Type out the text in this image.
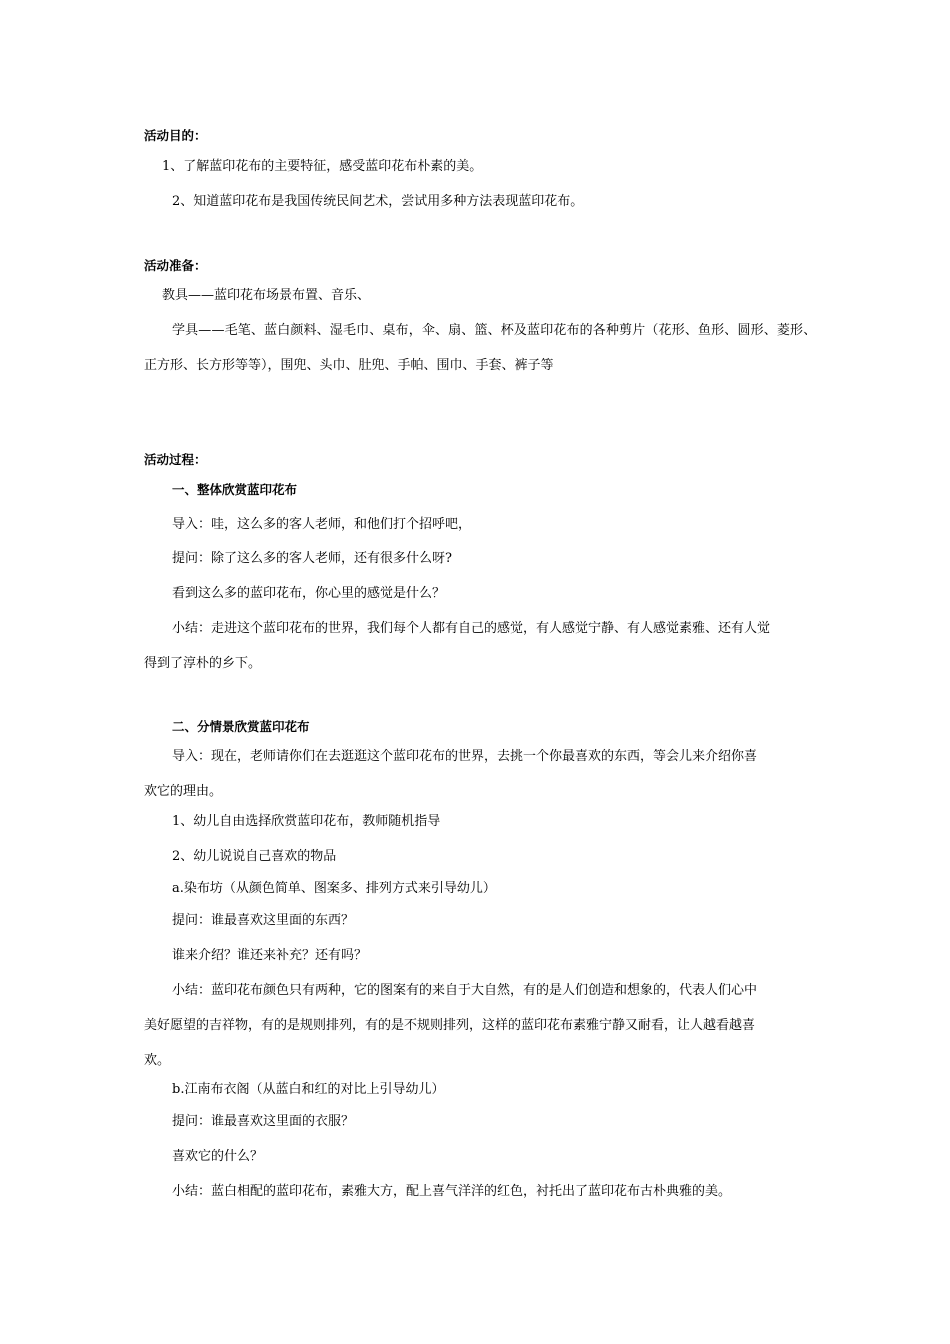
活动目的：

1、了解蓝印花布的主要特征，感受蓝印花布朴素的美。

2、知道蓝印花布是我国传统民间艺术，尝试用多种方法表现蓝印花布。

活动准备：

教具——蓝印花布场景布置、音乐、

学具——毛笔、蓝白颜料、湿毛巾、桌布，伞、扇、篮、杯及蓝印花布的各种剪片（花形、鱼形、圆形、菱形、

正方形、长方形等等），围兜、头巾、肚兜、手帕、围巾、手套、裤子等

活动过程：

一、整体欣赏蓝印花布

导入：哇，这么多的客人老师，和他们打个招呼吧，

提问：除了这么多的客人老师，还有很多什么呀?

看到这么多的蓝印花布，你心里的感觉是什么？

小结：走进这个蓝印花布的世界，我们每个人都有自己的感觉，有人感觉宁静、有人感觉素雅、还有人觉

得到了淳朴的乡下。

二、分情景欣赏蓝印花布

导入：现在，老师请你们在去逛逛这个蓝印花布的世界，去挑一个你最喜欢的东西，等会儿来介绍你喜

欢它的理由。

1、幼儿自由选择欣赏蓝印花布，教师随机指导

2、幼儿说说自己喜欢的物品

a.染布坊（从颜色简单、图案多、排列方式来引导幼儿）

提问：谁最喜欢这里面的东西？

谁来介绍？谁还来补充？还有吗？

小结：蓝印花布颜色只有两种，它的图案有的来自于大自然，有的是人们创造和想象的，代表人们心中

美好愿望的吉祥物，有的是规则排列，有的是不规则排列，这样的蓝印花布素雅宁静又耐看，让人越看越喜

欢。

b.江南布衣阁（从蓝白和红的对比上引导幼儿）

提问：谁最喜欢这里面的衣服？

喜欢它的什么？

小结：蓝白相配的蓝印花布，素雅大方，配上喜气洋洋的红色，衬托出了蓝印花布古朴典雅的美。
